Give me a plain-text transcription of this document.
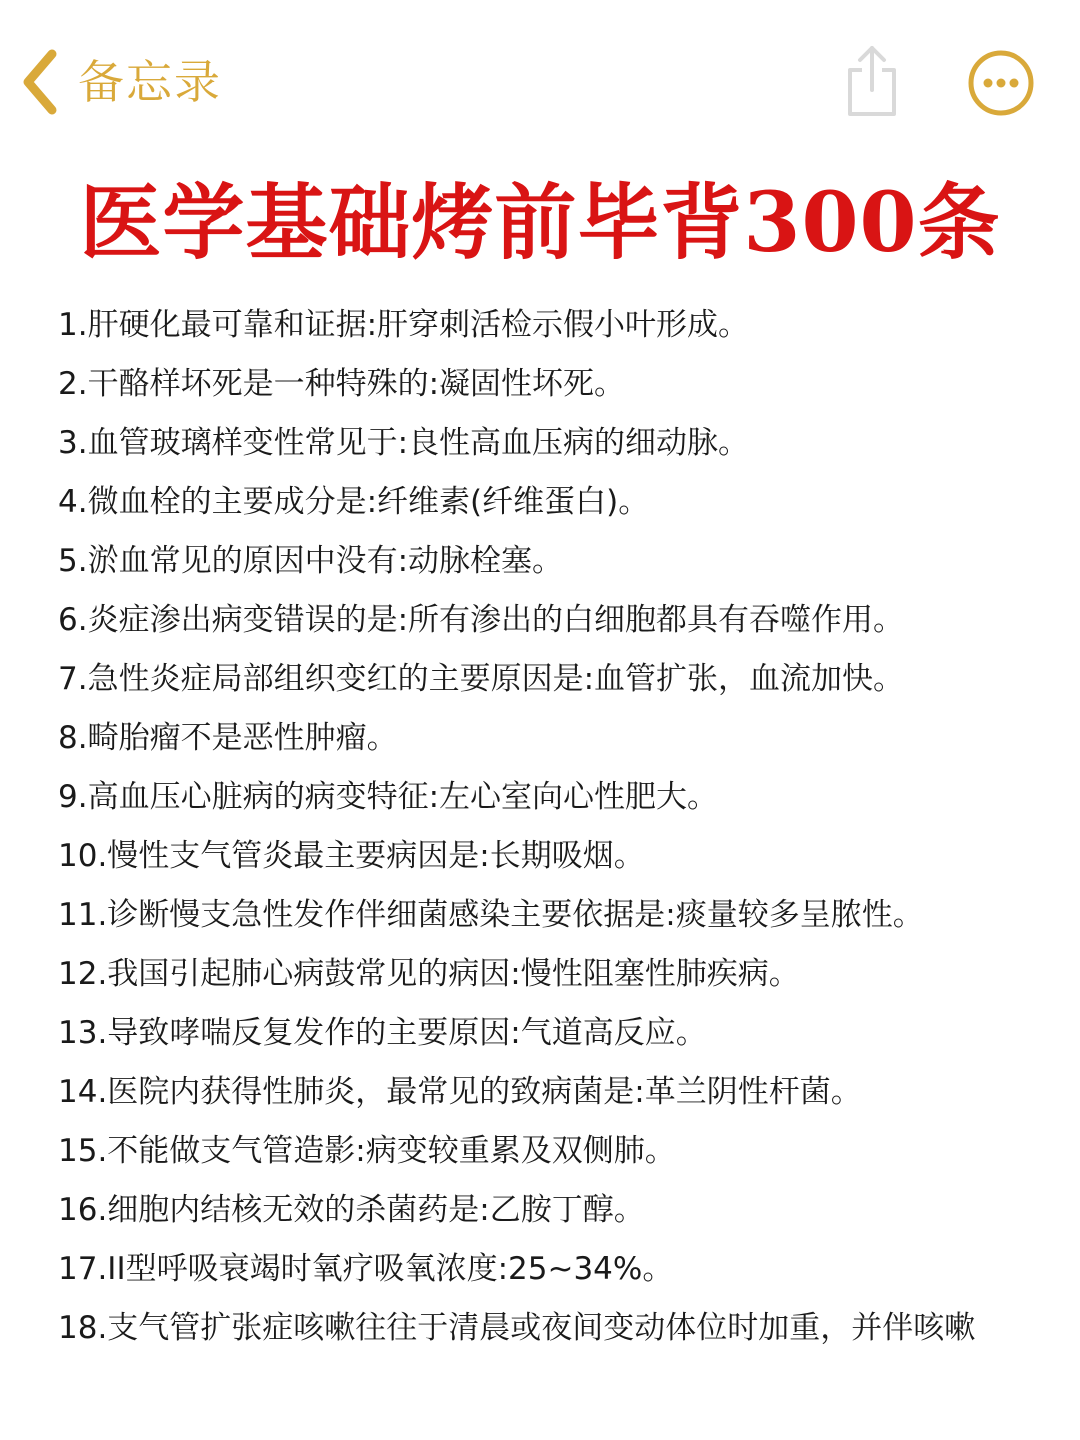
备忘录
医学基础烤前毕背300条
1.肝硬化最可靠和证据:肝穿刺活检示假小叶形成。
2.干酪样坏死是一种特殊的:凝固性坏死。
3.血管玻璃样变性常见于:良性高血压病的细动脉。
4.微血栓的主要成分是:纤维素(纤维蛋白)。
5.淤血常见的原因中没有:动脉栓塞。
6.炎症渗出病变错误的是:所有渗出的白细胞都具有吞噬作用。
7.急性炎症局部组织变红的主要原因是:血管扩张，血流加快。
8.畸胎瘤不是恶性肿瘤。
9.高血压心脏病的病变特征:左心室向心性肥大。
10.慢性支气管炎最主要病因是:长期吸烟。
11.诊断慢支急性发作伴细菌感染主要依据是:痰量较多呈脓性。
12.我国引起肺心病鼓常见的病因:慢性阻塞性肺疾病。
13.导致哮喘反复发作的主要原因:气道高反应。
14.医院内获得性肺炎，最常见的致病菌是:革兰阴性杆菌。
15.不能做支气管造影:病变较重累及双侧肺。
16.细胞内结核无效的杀菌药是:乙胺丁醇。
17.II型呼吸衰竭时氧疗吸氧浓度:25~34%。
18.支气管扩张症咳嗽往往于清晨或夜间变动体位时加重，并伴咳嗽
